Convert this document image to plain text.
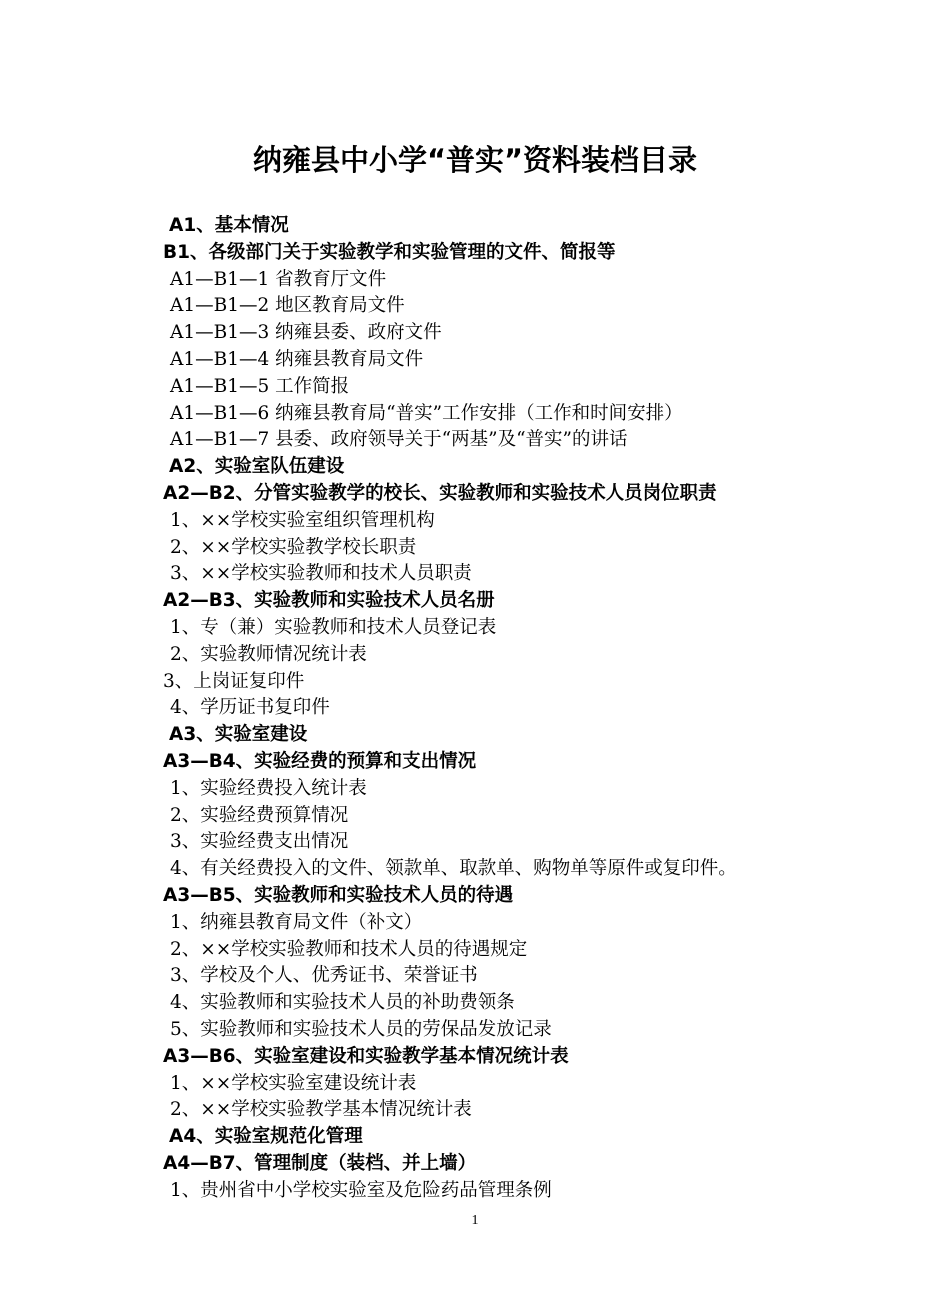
纳雍县中小学“普实”资料装档目录
A1、基本情况
B1、各级部门关于实验教学和实验管理的文件、简报等
A1—B1—1 省教育厅文件
A1—B1—2 地区教育局文件
A1—B1—3 纳雍县委、政府文件
A1—B1—4 纳雍县教育局文件
A1—B1—5 工作简报
A1—B1—6 纳雍县教育局“普实”工作安排（工作和时间安排）
A1—B1—7 县委、政府领导关于“两基”及“普实”的讲话
A2、实验室队伍建设
A2—B2、分管实验教学的校长、实验教师和实验技术人员岗位职责
1、××学校实验室组织管理机构
2、××学校实验教学校长职责
3、××学校实验教师和技术人员职责
A2—B3、实验教师和实验技术人员名册
1、专（兼）实验教师和技术人员登记表
2、实验教师情况统计表
3、上岗证复印件
4、学历证书复印件
A3、实验室建设
A3—B4、实验经费的预算和支出情况
1、实验经费投入统计表
2、实验经费预算情况
3、实验经费支出情况
4、有关经费投入的文件、领款单、取款单、购物单等原件或复印件。
A3—B5、实验教师和实验技术人员的待遇
1、纳雍县教育局文件（补文）
2、××学校实验教师和技术人员的待遇规定
3、学校及个人、优秀证书、荣誉证书
4、实验教师和实验技术人员的补助费领条
5、实验教师和实验技术人员的劳保品发放记录
A3—B6、实验室建设和实验教学基本情况统计表
1、××学校实验室建设统计表
2、××学校实验教学基本情况统计表
A4、实验室规范化管理
A4—B7、管理制度（装档、并上墙）
1、贵州省中小学校实验室及危险药品管理条例
1
